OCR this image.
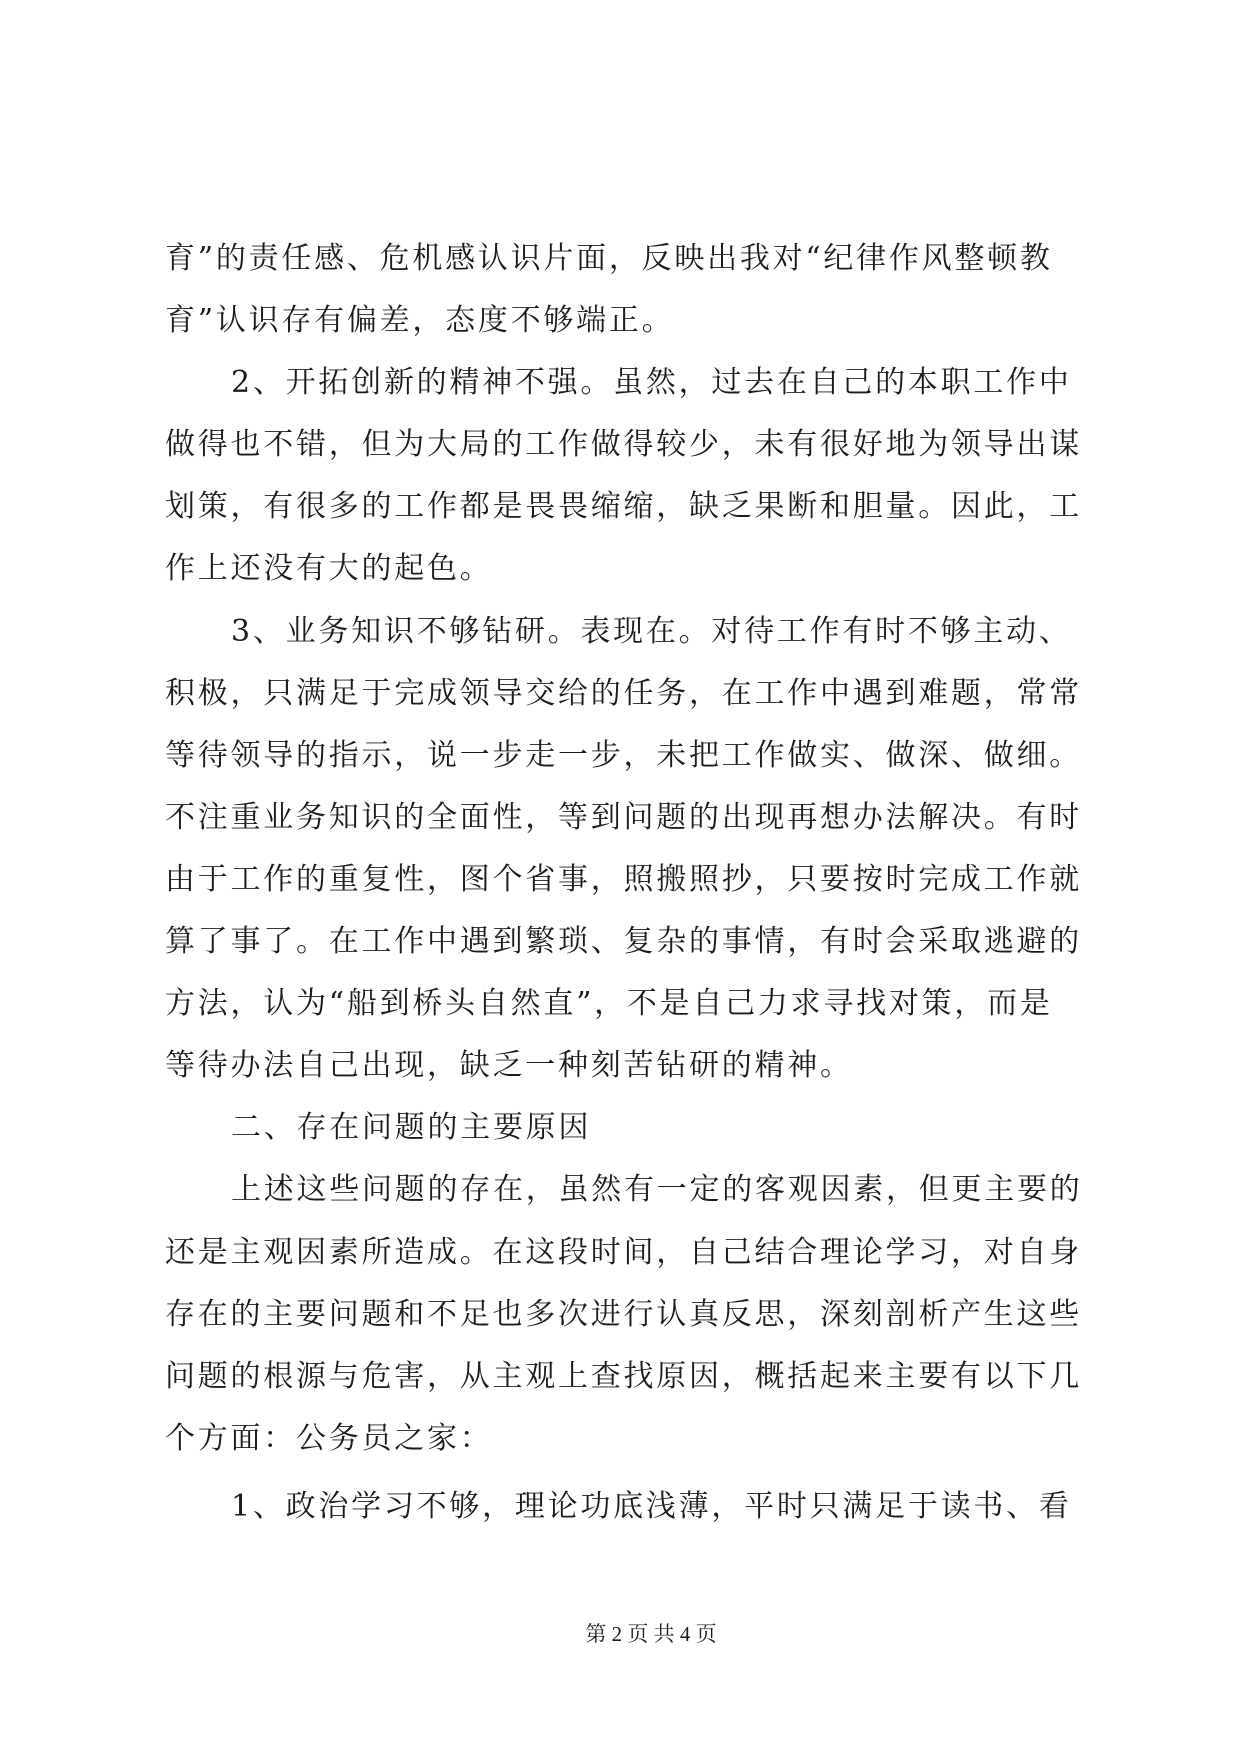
育”的责任感、危机感认识片面，反映出我对“纪律作风整顿教
育”认识存有偏差，态度不够端正。
2、开拓创新的精神不强。虽然，过去在自己的本职工作中
做得也不错，但为大局的工作做得较少，未有很好地为领导出谋
划策，有很多的工作都是畏畏缩缩，缺乏果断和胆量。因此，工
作上还没有大的起色。
3、业务知识不够钻研。表现在。对待工作有时不够主动、
积极，只满足于完成领导交给的任务，在工作中遇到难题，常常
等待领导的指示，说一步走一步，未把工作做实、做深、做细。
不注重业务知识的全面性，等到问题的出现再想办法解决。有时
由于工作的重复性，图个省事，照搬照抄，只要按时完成工作就
算了事了。在工作中遇到繁琐、复杂的事情，有时会采取逃避的
方法，认为“船到桥头自然直”，不是自己力求寻找对策，而是
等待办法自己出现，缺乏一种刻苦钻研的精神。
二、存在问题的主要原因
上述这些问题的存在，虽然有一定的客观因素，但更主要的
还是主观因素所造成。在这段时间，自己结合理论学习，对自身
存在的主要问题和不足也多次进行认真反思，深刻剖析产生这些
问题的根源与危害，从主观上查找原因，概括起来主要有以下几
个方面：公务员之家：
1、政治学习不够，理论功底浅薄，平时只满足于读书、看
第 2 页 共 4 页
